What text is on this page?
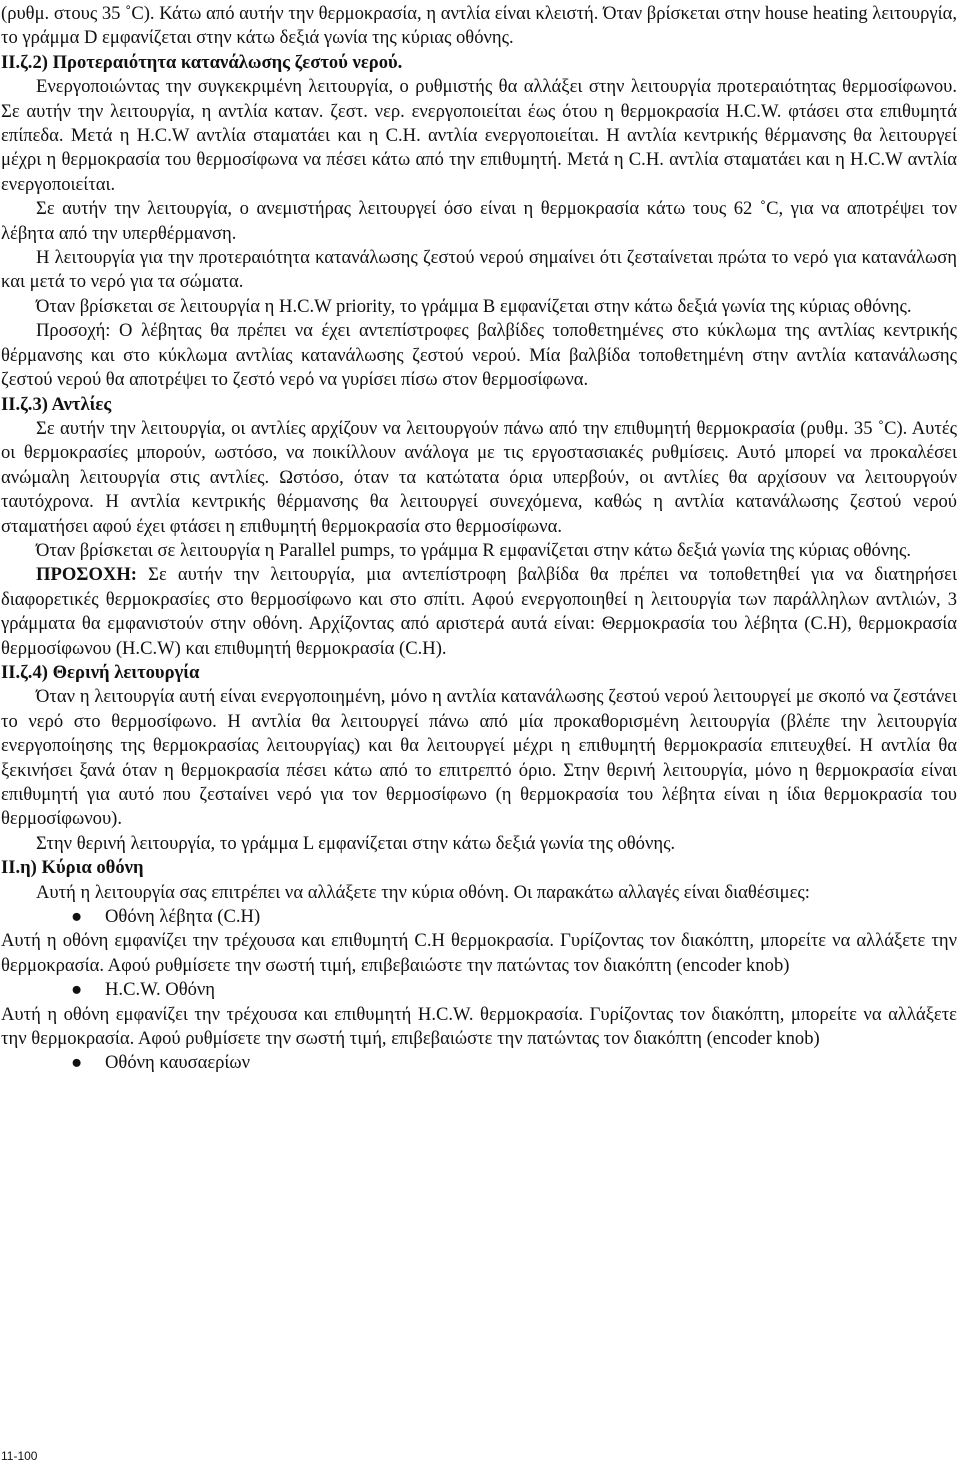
(ρυθμ. στους 35 ˚C). Κάτω από αυτήν την θερμοκρασία, η αντλία είναι κλειστή. Όταν βρίσκεται στην house heating λειτουργία, το γράμμα D εμφανίζεται στην κάτω δεξιά γωνία της κύριας οθόνης.

ΙΙ.ζ.2) Προτεραιότητα κατανάλωσης ζεστού νερού.

Ενεργοποιώντας την συγκεκριμένη λειτουργία, ο ρυθμιστής θα αλλάξει στην λειτουργία προτεραιότητας θερμοσίφωνου. Σε αυτήν την λειτουργία, η αντλία καταν. ζεστ. νερ. ενεργοποιείται έως ότου η θερμοκρασία H.C.W. φτάσει στα επιθυμητά επίπεδα. Μετά η H.C.W αντλία σταματάει και η C.H. αντλία ενεργοποιείται. Η αντλία κεντρικής θέρμανσης θα λειτουργεί μέχρι η θερμοκρασία του θερμοσίφωνα να πέσει κάτω από την επιθυμητή. Μετά η C.H. αντλία σταματάει και η H.C.W αντλία ενεργοποιείται.

Σε αυτήν την λειτουργία, ο ανεμιστήρας λειτουργεί όσο είναι η θερμοκρασία κάτω τους 62 ˚C, για να αποτρέψει τον λέβητα από την υπερθέρμανση.

Η λειτουργία για την προτεραιότητα κατανάλωσης ζεστού νερού σημαίνει ότι ζεσταίνεται πρώτα το νερό για κατανάλωση και μετά το νερό για τα σώματα.

Όταν βρίσκεται σε λειτουργία η H.C.W priority, το γράμμα Β εμφανίζεται στην κάτω δεξιά γωνία της κύριας οθόνης.

Προσοχή: Ο λέβητας θα πρέπει να έχει αντεπίστροφες βαλβίδες τοποθετημένες στο κύκλωμα της αντλίας κεντρικής θέρμανσης και στο κύκλωμα αντλίας κατανάλωσης ζεστού νερού. Μία βαλβίδα τοποθετημένη στην αντλία κατανάλωσης ζεστού νερού θα αποτρέψει το ζεστό νερό να γυρίσει πίσω στον θερμοσίφωνα.

ΙΙ.ζ.3) Αντλίες

Σε αυτήν την λειτουργία, οι αντλίες αρχίζουν να λειτουργούν πάνω από την επιθυμητή θερμοκρασία (ρυθμ. 35 ˚C). Αυτές οι θερμοκρασίες μπορούν, ωστόσο, να ποικίλλουν ανάλογα με τις εργοστασιακές ρυθμίσεις. Αυτό μπορεί να προκαλέσει ανώμαλη λειτουργία στις αντλίες. Ωστόσο, όταν τα κατώτατα όρια υπερβούν, οι αντλίες θα αρχίσουν να λειτουργούν ταυτόχρονα. Η αντλία κεντρικής θέρμανσης θα λειτουργεί συνεχόμενα, καθώς η αντλία κατανάλωσης ζεστού νερού σταματήσει αφού έχει φτάσει η επιθυμητή θερμοκρασία στο θερμοσίφωνα.

Όταν βρίσκεται σε λειτουργία η Parallel pumps, το γράμμα R εμφανίζεται στην κάτω δεξιά γωνία της κύριας οθόνης.

ΠΡΟΣΟΧΗ: Σε αυτήν την λειτουργία, μια αντεπίστροφη βαλβίδα θα πρέπει να τοποθετηθεί για να διατηρήσει διαφορετικές θερμοκρασίες στο θερμοσίφωνο και στο σπίτι. Αφού ενεργοποιηθεί η λειτουργία των παράλληλων αντλιών, 3 γράμματα θα εμφανιστούν στην οθόνη. Αρχίζοντας από αριστερά αυτά είναι: Θερμοκρασία του λέβητα (C.H), θερμοκρασία θερμοσίφωνου (H.C.W) και επιθυμητή θερμοκρασία (C.H).

ΙΙ.ζ.4) Θερινή λειτουργία

Όταν η λειτουργία αυτή είναι ενεργοποιημένη, μόνο η αντλία κατανάλωσης ζεστού νερού λειτουργεί με σκοπό να ζεστάνει το νερό στο θερμοσίφωνο. Η αντλία θα λειτουργεί πάνω από μία προκαθορισμένη λειτουργία (βλέπε την λειτουργία ενεργοποίησης της θερμοκρασίας λειτουργίας) και θα λειτουργεί μέχρι η επιθυμητή θερμοκρασία επιτευχθεί. Η αντλία θα ξεκινήσει ξανά όταν η θερμοκρασία πέσει κάτω από το επιτρεπτό όριο. Στην θερινή λειτουργία, μόνο η θερμοκρασία είναι επιθυμητή για αυτό που ζεσταίνει νερό για τον θερμοσίφωνο (η θερμοκρασία του λέβητα είναι η ίδια θερμοκρασία του θερμοσίφωνου).

Στην θερινή λειτουργία, το γράμμα L εμφανίζεται στην κάτω δεξιά γωνία της οθόνης.

ΙΙ.η) Κύρια οθόνη

Αυτή η λειτουργία σας επιτρέπει να αλλάξετε την κύρια οθόνη. Οι παρακάτω αλλαγές είναι διαθέσιμες:

● Οθόνη λέβητα (C.H)

Αυτή η οθόνη εμφανίζει την τρέχουσα και επιθυμητή C.H θερμοκρασία. Γυρίζοντας τον διακόπτη, μπορείτε να αλλάξετε την θερμοκρασία. Αφού ρυθμίσετε την σωστή τιμή, επιβεβαιώστε την πατώντας τον διακόπτη (encoder knob)

● H.C.W. Οθόνη

Αυτή η οθόνη εμφανίζει την τρέχουσα και επιθυμητή H.C.W. θερμοκρασία. Γυρίζοντας τον διακόπτη, μπορείτε να αλλάξετε την θερμοκρασία. Αφού ρυθμίσετε την σωστή τιμή, επιβεβαιώστε την πατώντας τον διακόπτη (encoder knob)

● Οθόνη καυσαερίων

11-100
